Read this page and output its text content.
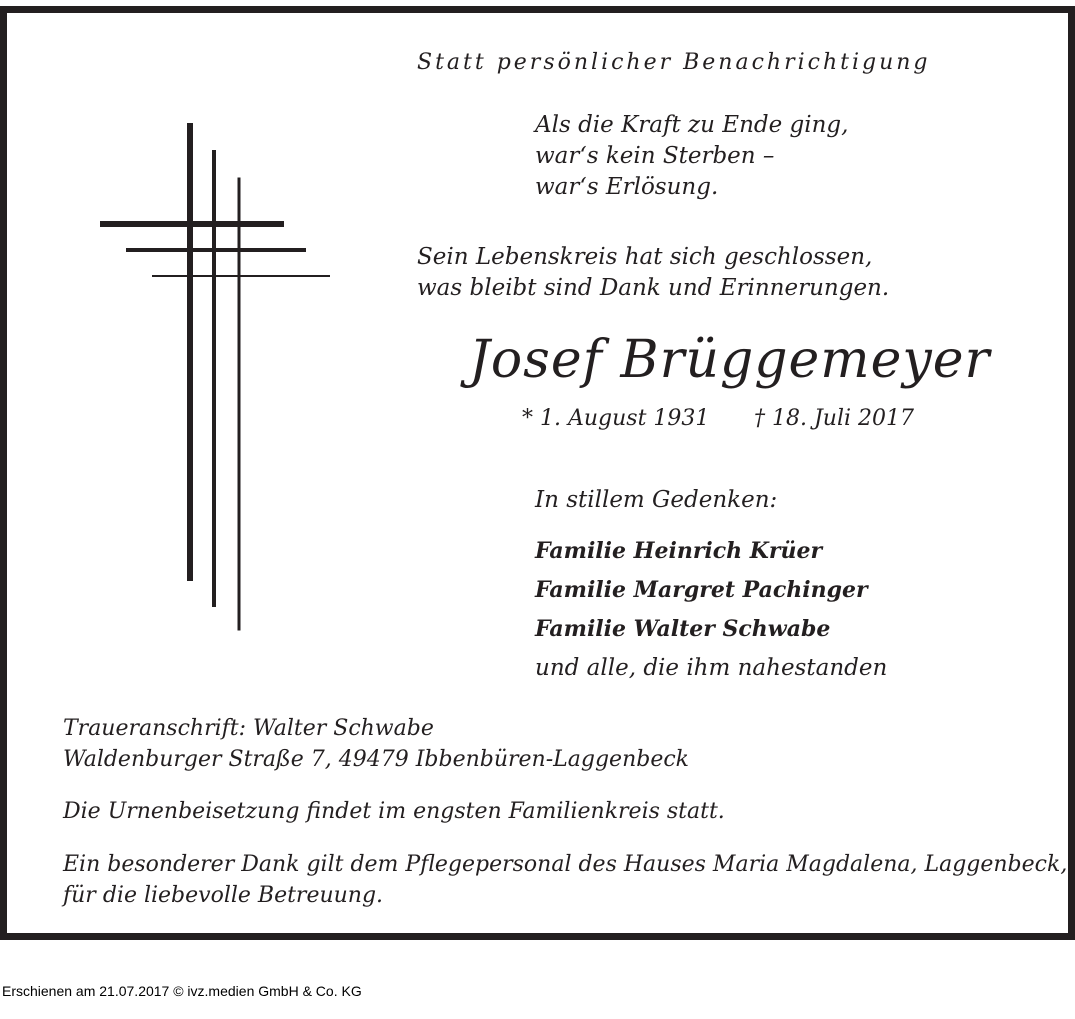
Statt persönlicher Benachrichtigung

Als die Kraft zu Ende ging,
war‘s kein Sterben –
war‘s Erlösung.
Sein Lebenskreis hat sich geschlossen,
was bleibt sind Dank und Erinnerungen.

Josef Brüggemeyer

* 1. August 1931 † 18. Juli 2017

In stillem Gedenken:

Familie Heinrich Krüer

Familie Margret Pachinger

Familie Walter Schwabe

und alle, die ihm nahestanden

Traueranschrift: Walter Schwabe
Waldenburger Straße 7, 49479 Ibbenbüren-Laggenbeck

Die Urnenbeisetzung findet im engsten Familienkreis statt.

Ein besonderer Dank gilt dem Pflegepersonal des Hauses Maria Magdalena, Laggenbeck,
für die liebevolle Betreuung.

Erschienen am 21.07.2017 © ivz.medien GmbH & Co. KG
